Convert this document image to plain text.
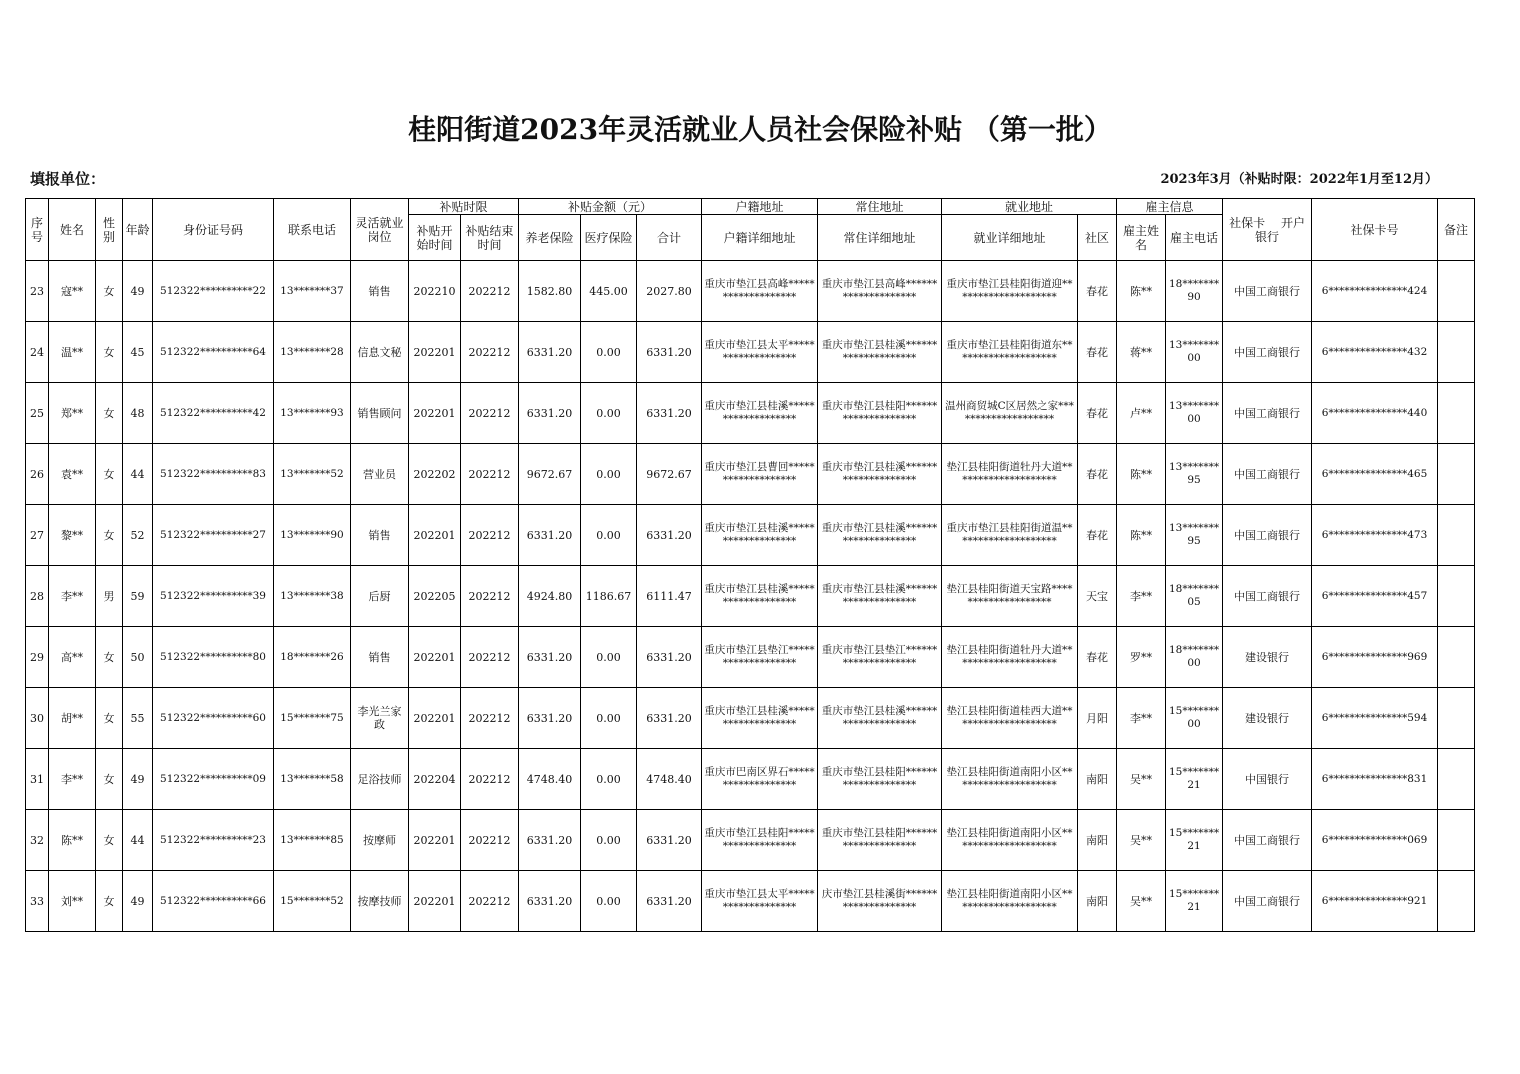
桂阳街道2023年灵活就业人员社会保险补贴 （第一批）
填报单位：	2023年3月（补贴时限：2022年1月至12月）
序号	姓名	性别	年龄	身份证号码	联系电话	灵活就业岗位	补贴时限		补贴金额（元）			户籍地址	常住地址	就业地址		雇主信息		社保卡　 开户银行	社保卡号	备注
							补贴开始时间	补贴结束时间	养老保险	医疗保险	合计	户籍详细地址	常住详细地址	就业详细地址	社区	雇主姓名	雇主电话			
23	寇**	女	49	512322**********22	13*******37	销售	202210	202212	1582.80	445.00	2027.80	重庆市垫江县高峰*******************	重庆市垫江县高峰********************	重庆市垫江县桂阳街道迎********************	春花	陈**	18*******90	中国工商银行	6***************424	
24	温**	女	45	512322**********64	13*******28	信息文秘	202201	202212	6331.20	0.00	6331.20	重庆市垫江县太平*******************	重庆市垫江县桂溪********************	重庆市垫江县桂阳街道东********************	春花	蒋**	13*******00	中国工商银行	6***************432	
25	郑**	女	48	512322**********42	13*******93	销售顾问	202201	202212	6331.20	0.00	6331.20	重庆市垫江县桂溪*******************	重庆市垫江县桂阳********************	温州商贸城C区居然之家********************	春花	卢**	13*******00	中国工商银行	6***************440	
26	袁**	女	44	512322**********83	13*******52	营业员	202202	202212	9672.67	0.00	9672.67	重庆市垫江县曹回*******************	重庆市垫江县桂溪********************	垫江县桂阳街道牡丹大道********************	春花	陈**	13*******95	中国工商银行	6***************465	
27	黎**	女	52	512322**********27	13*******90	销售	202201	202212	6331.20	0.00	6331.20	重庆市垫江县桂溪*******************	重庆市垫江县桂溪********************	重庆市垫江县桂阳街道温********************	春花	陈**	13*******95	中国工商银行	6***************473	
28	李**	男	59	512322**********39	13*******38	后厨	202205	202212	4924.80	1186.67	6111.47	重庆市垫江县桂溪*******************	重庆市垫江县桂溪********************	垫江县桂阳街道天宝路********************	天宝	李**	18*******05	中国工商银行	6***************457	
29	高**	女	50	512322**********80	18*******26	销售	202201	202212	6331.20	0.00	6331.20	重庆市垫江县垫江*******************	重庆市垫江县垫江********************	垫江县桂阳街道牡丹大道********************	春花	罗**	18*******00	建设银行	6***************969	
30	胡**	女	55	512322**********60	15*******75	李光兰家政	202201	202212	6331.20	0.00	6331.20	重庆市垫江县桂溪*******************	重庆市垫江县桂溪********************	垫江县桂阳街道桂西大道********************	月阳	李**	15*******00	建设银行	6***************594	
31	李**	女	49	512322**********09	13*******58	足浴技师	202204	202212	4748.40	0.00	4748.40	重庆市巴南区界石*******************	重庆市垫江县桂阳********************	垫江县桂阳街道南阳小区********************	南阳	吴**	15*******21	中国银行	6***************831	
32	陈**	女	44	512322**********23	13*******85	按摩师	202201	202212	6331.20	0.00	6331.20	重庆市垫江县桂阳*******************	重庆市垫江县桂阳********************	垫江县桂阳街道南阳小区********************	南阳	吴**	15*******21	中国工商银行	6***************069	
33	刘**	女	49	512322**********66	15*******52	按摩技师	202201	202212	6331.20	0.00	6331.20	重庆市垫江县太平*******************	庆市垫江县桂溪街********************	垫江县桂阳街道南阳小区********************	南阳	吴**	15*******21	中国工商银行	6***************921	
